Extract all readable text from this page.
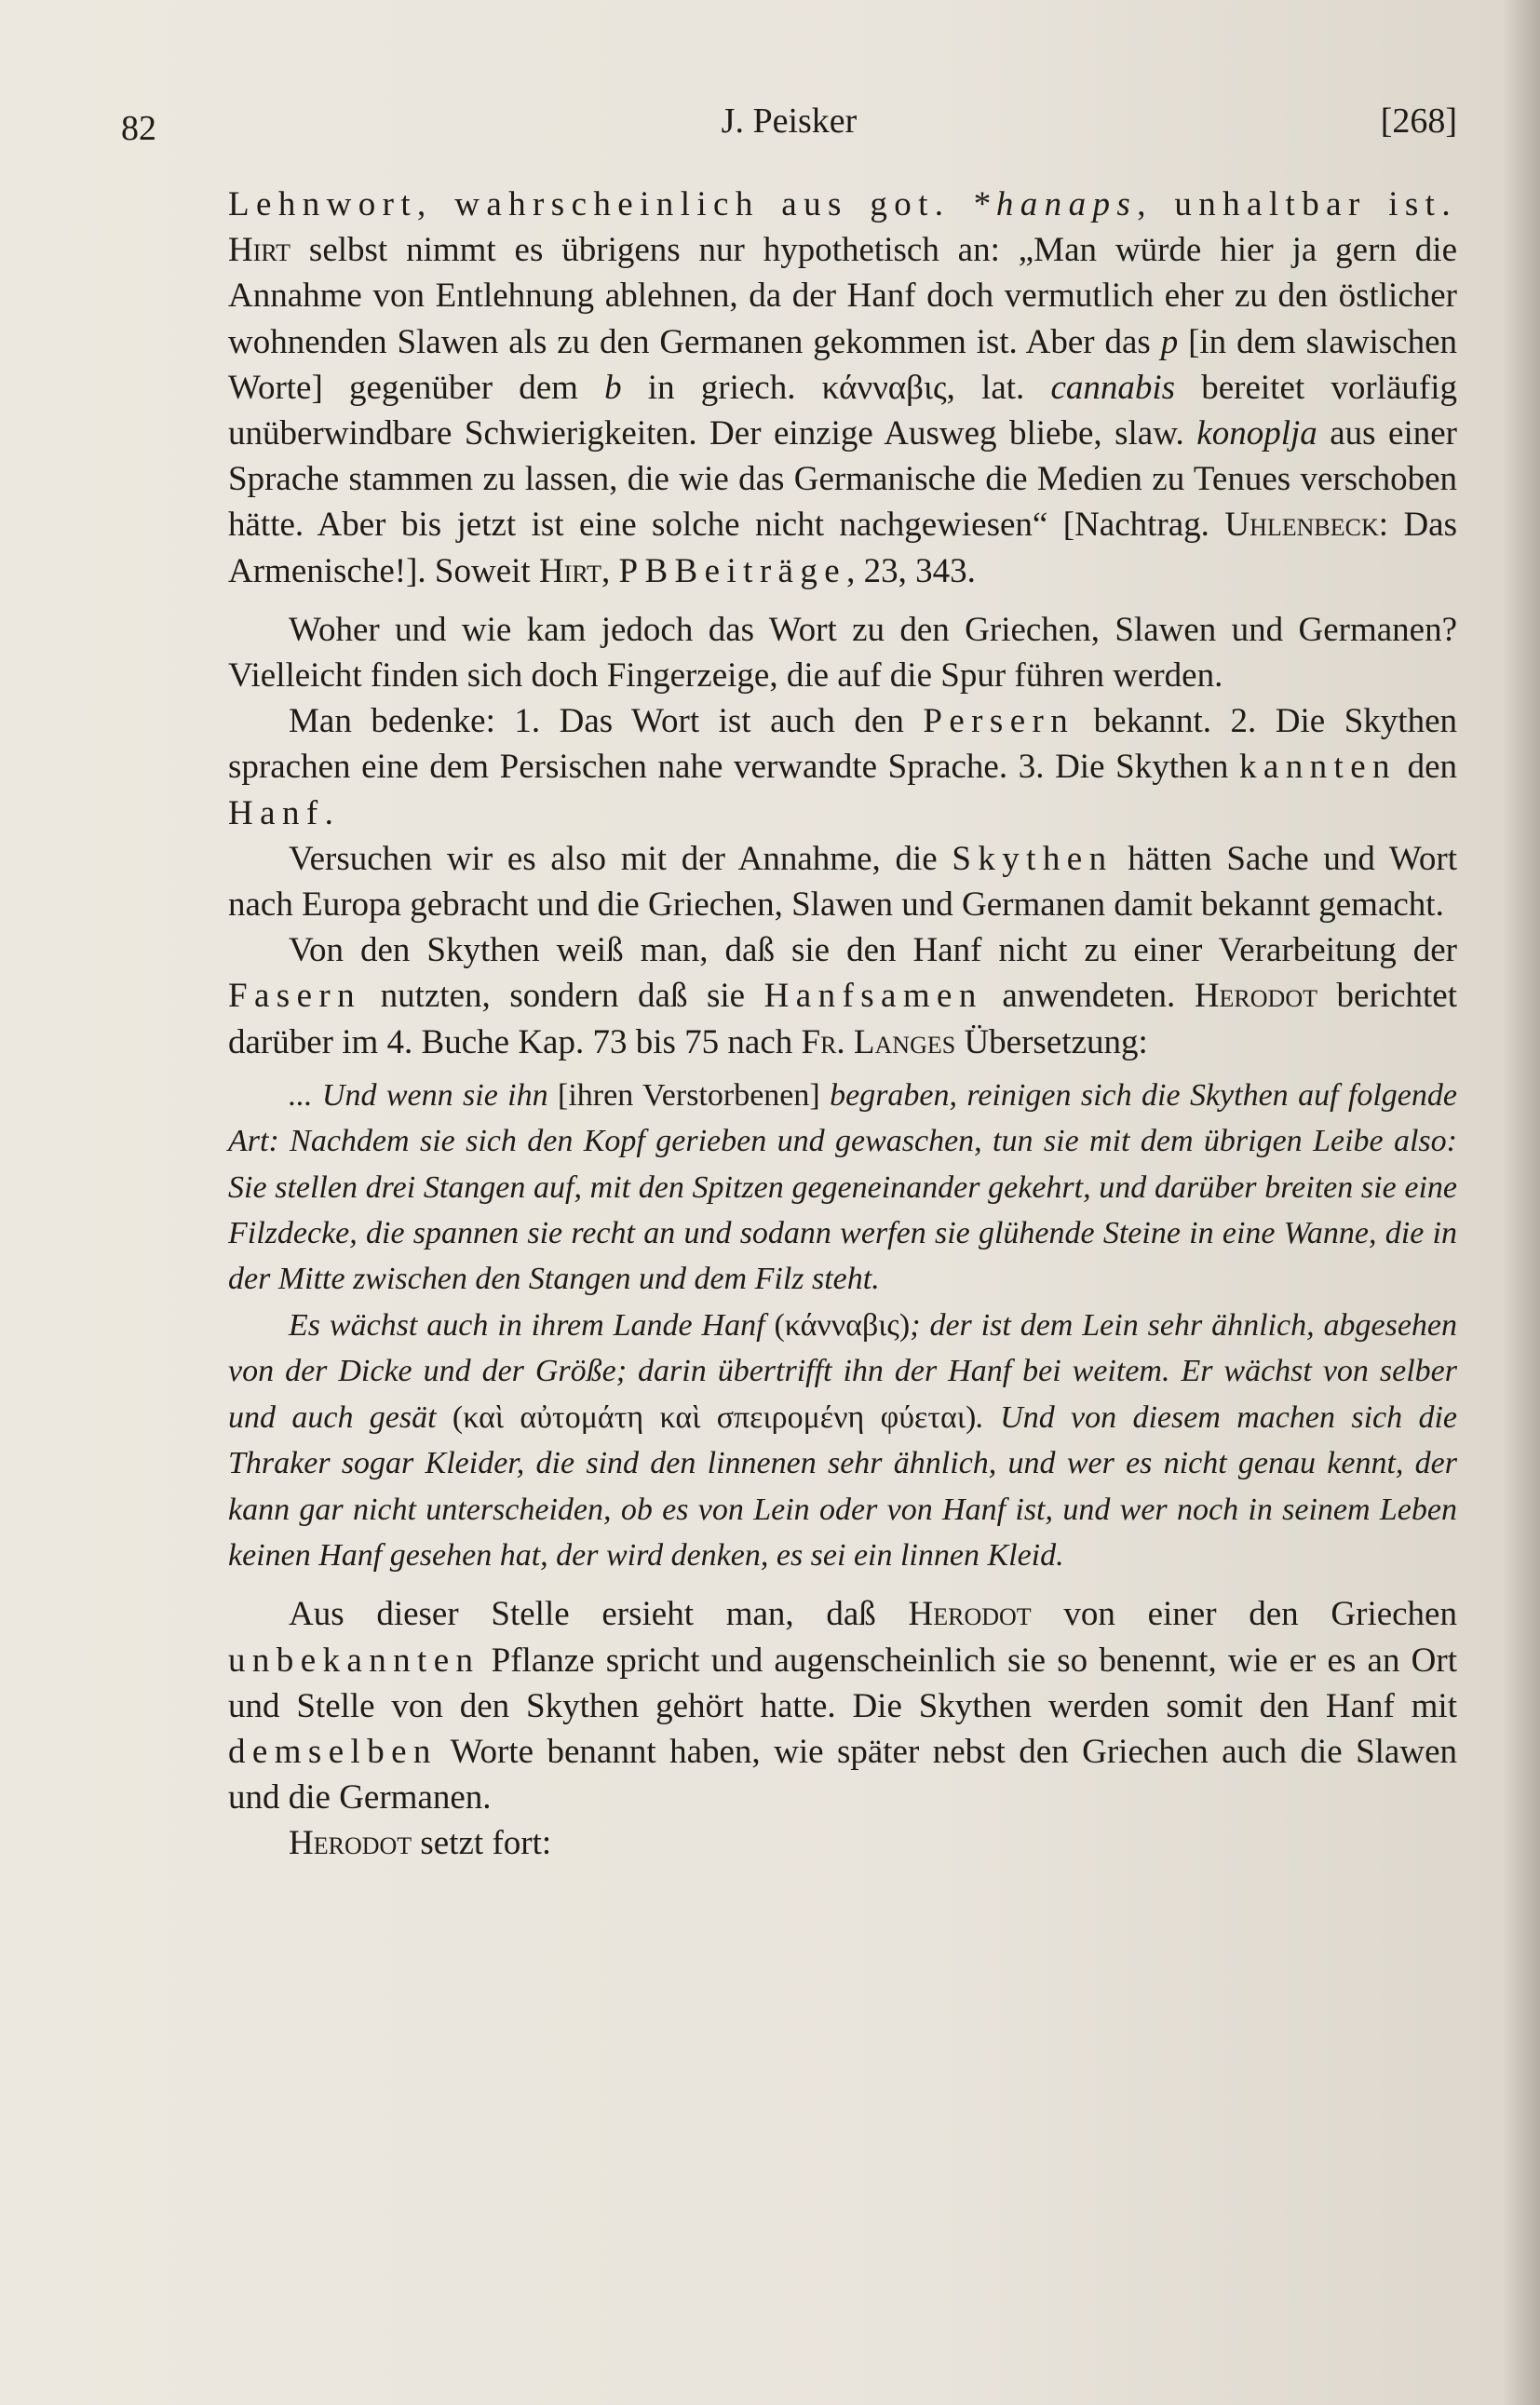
82	J. Peisker	[268]

Lehnwort, wahrscheinlich aus got. *hanaps, unhaltbar ist. Hirt selbst nimmt es übrigens nur hypothetisch an: „Man würde hier ja gern die Annahme von Entlehnung ablehnen, da der Hanf doch vermutlich eher zu den östlicher wohnenden Slawen als zu den Germanen gekommen ist. Aber das p [in dem slawischen Worte] gegenüber dem b in griech. κάνναβις, lat. cannabis bereitet vorläufig unüberwindbare Schwierigkeiten. Der einzige Ausweg bliebe, slaw. konoplja aus einer Sprache stammen zu lassen, die wie das Germanische die Medien zu Tenues verschoben hätte. Aber bis jetzt ist eine solche nicht nachgewiesen“ [Nachtrag. Uhlenbeck: Das Armenische!]. Soweit Hirt, PBBeiträge, 23, 343.

Woher und wie kam jedoch das Wort zu den Griechen, Slawen und Germanen? Vielleicht finden sich doch Fingerzeige, die auf die Spur führen werden.

Man bedenke: 1. Das Wort ist auch den Persern bekannt. 2. Die Skythen sprachen eine dem Persischen nahe verwandte Sprache. 3. Die Skythen kannten den Hanf.

Versuchen wir es also mit der Annahme, die Skythen hätten Sache und Wort nach Europa gebracht und die Griechen, Slawen und Germanen damit bekannt gemacht.

Von den Skythen weiß man, daß sie den Hanf nicht zu einer Verarbeitung der Fasern nutzten, sondern daß sie Hanfsamen anwendeten. Herodot berichtet darüber im 4. Buche Kap. 73 bis 75 nach Fr. Langes Übersetzung:

... Und wenn sie ihn [ihren Verstorbenen] begraben, reinigen sich die Skythen auf folgende Art: Nachdem sie sich den Kopf gerieben und gewaschen, tun sie mit dem übrigen Leibe also: Sie stellen drei Stangen auf, mit den Spitzen gegeneinander gekehrt, und darüber breiten sie eine Filzdecke, die spannen sie recht an und sodann werfen sie glühende Steine in eine Wanne, die in der Mitte zwischen den Stangen und dem Filz steht.

Es wächst auch in ihrem Lande Hanf (κάνναβις); der ist dem Lein sehr ähnlich, abgesehen von der Dicke und der Größe; darin übertrifft ihn der Hanf bei weitem. Er wächst von selber und auch gesät (καὶ αὐτομάτη καὶ σπειρομένη φύεται). Und von diesem machen sich die Thraker sogar Kleider, die sind den linnenen sehr ähnlich, und wer es nicht genau kennt, der kann gar nicht unterscheiden, ob es von Lein oder von Hanf ist, und wer noch in seinem Leben keinen Hanf gesehen hat, der wird denken, es sei ein linnen Kleid.

Aus dieser Stelle ersieht man, daß Herodot von einer den Griechen unbekannten Pflanze spricht und augenscheinlich sie so benennt, wie er es an Ort und Stelle von den Skythen gehört hatte. Die Skythen werden somit den Hanf mit demselben Worte benannt haben, wie später nebst den Griechen auch die Slawen und die Germanen.

Herodot setzt fort:
